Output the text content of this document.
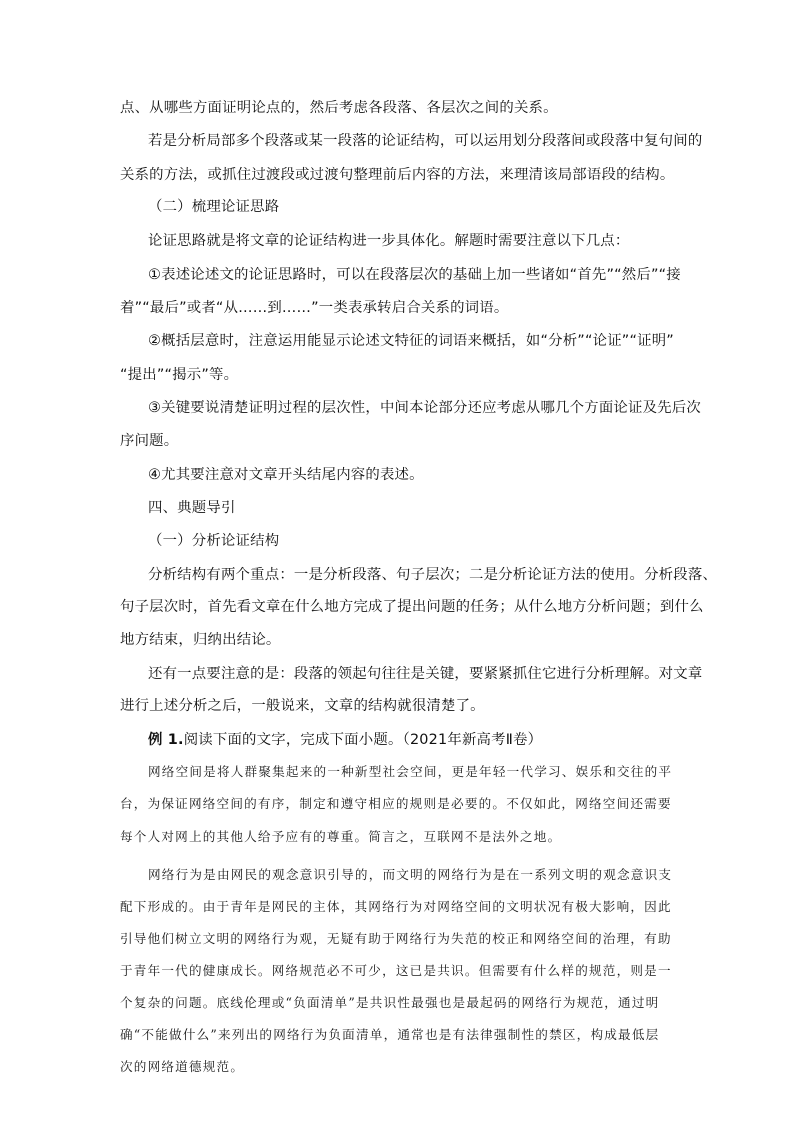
点、从哪些方面证明论点的，然后考虑各段落、各层次之间的关系。

若是分析局部多个段落或某一段落的论证结构，可以运用划分段落间或段落中复句间的

关系的方法，或抓住过渡段或过渡句整理前后内容的方法，来理清该局部语段的结构。

（二）梳理论证思路

论证思路就是将文章的论证结构进一步具体化。解题时需要注意以下几点：

①表述论述文的论证思路时，可以在段落层次的基础上加一些诸如“首先”“然后”“接

着”“最后”或者“从……到……”一类表承转启合关系的词语。

②概括层意时，注意运用能显示论述文特征的词语来概括，如“分析”“论证”“证明”

“提出”“揭示”等。

③关键要说清楚证明过程的层次性，中间本论部分还应考虑从哪几个方面论证及先后次

序问题。

④尤其要注意对文章开头结尾内容的表述。

四、典题导引

（一）分析论证结构

分析结构有两个重点：一是分析段落、句子层次；二是分析论证方法的使用。分析段落、

句子层次时，首先看文章在什么地方完成了提出问题的任务；从什么地方分析问题；到什么

地方结束，归纳出结论。

还有一点要注意的是：段落的领起句往往是关键，要紧紧抓住它进行分析理解。对文章

进行上述分析之后，一般说来，文章的结构就很清楚了。

例 1.阅读下面的文字，完成下面小题。（2021年新高考Ⅱ卷）

网络空间是将人群聚集起来的一种新型社会空间，更是年轻一代学习、娱乐和交往的平

台，为保证网络空间的有序，制定和遵守相应的规则是必要的。不仅如此，网络空间还需要

每个人对网上的其他人给予应有的尊重。简言之，互联网不是法外之地。

网络行为是由网民的观念意识引导的，而文明的网络行为是在一系列文明的观念意识支

配下形成的。由于青年是网民的主体，其网络行为对网络空间的文明状况有极大影响，因此

引导他们树立文明的网络行为观，无疑有助于网络行为失范的校正和网络空间的治理，有助

于青年一代的健康成长。网络规范必不可少，这已是共识。但需要有什么样的规范，则是一

个复杂的问题。底线伦理或“负面清单”是共识性最强也是最起码的网络行为规范，通过明

确“不能做什么”来列出的网络行为负面清单，通常也是有法律强制性的禁区，构成最低层

次的网络道德规范。
